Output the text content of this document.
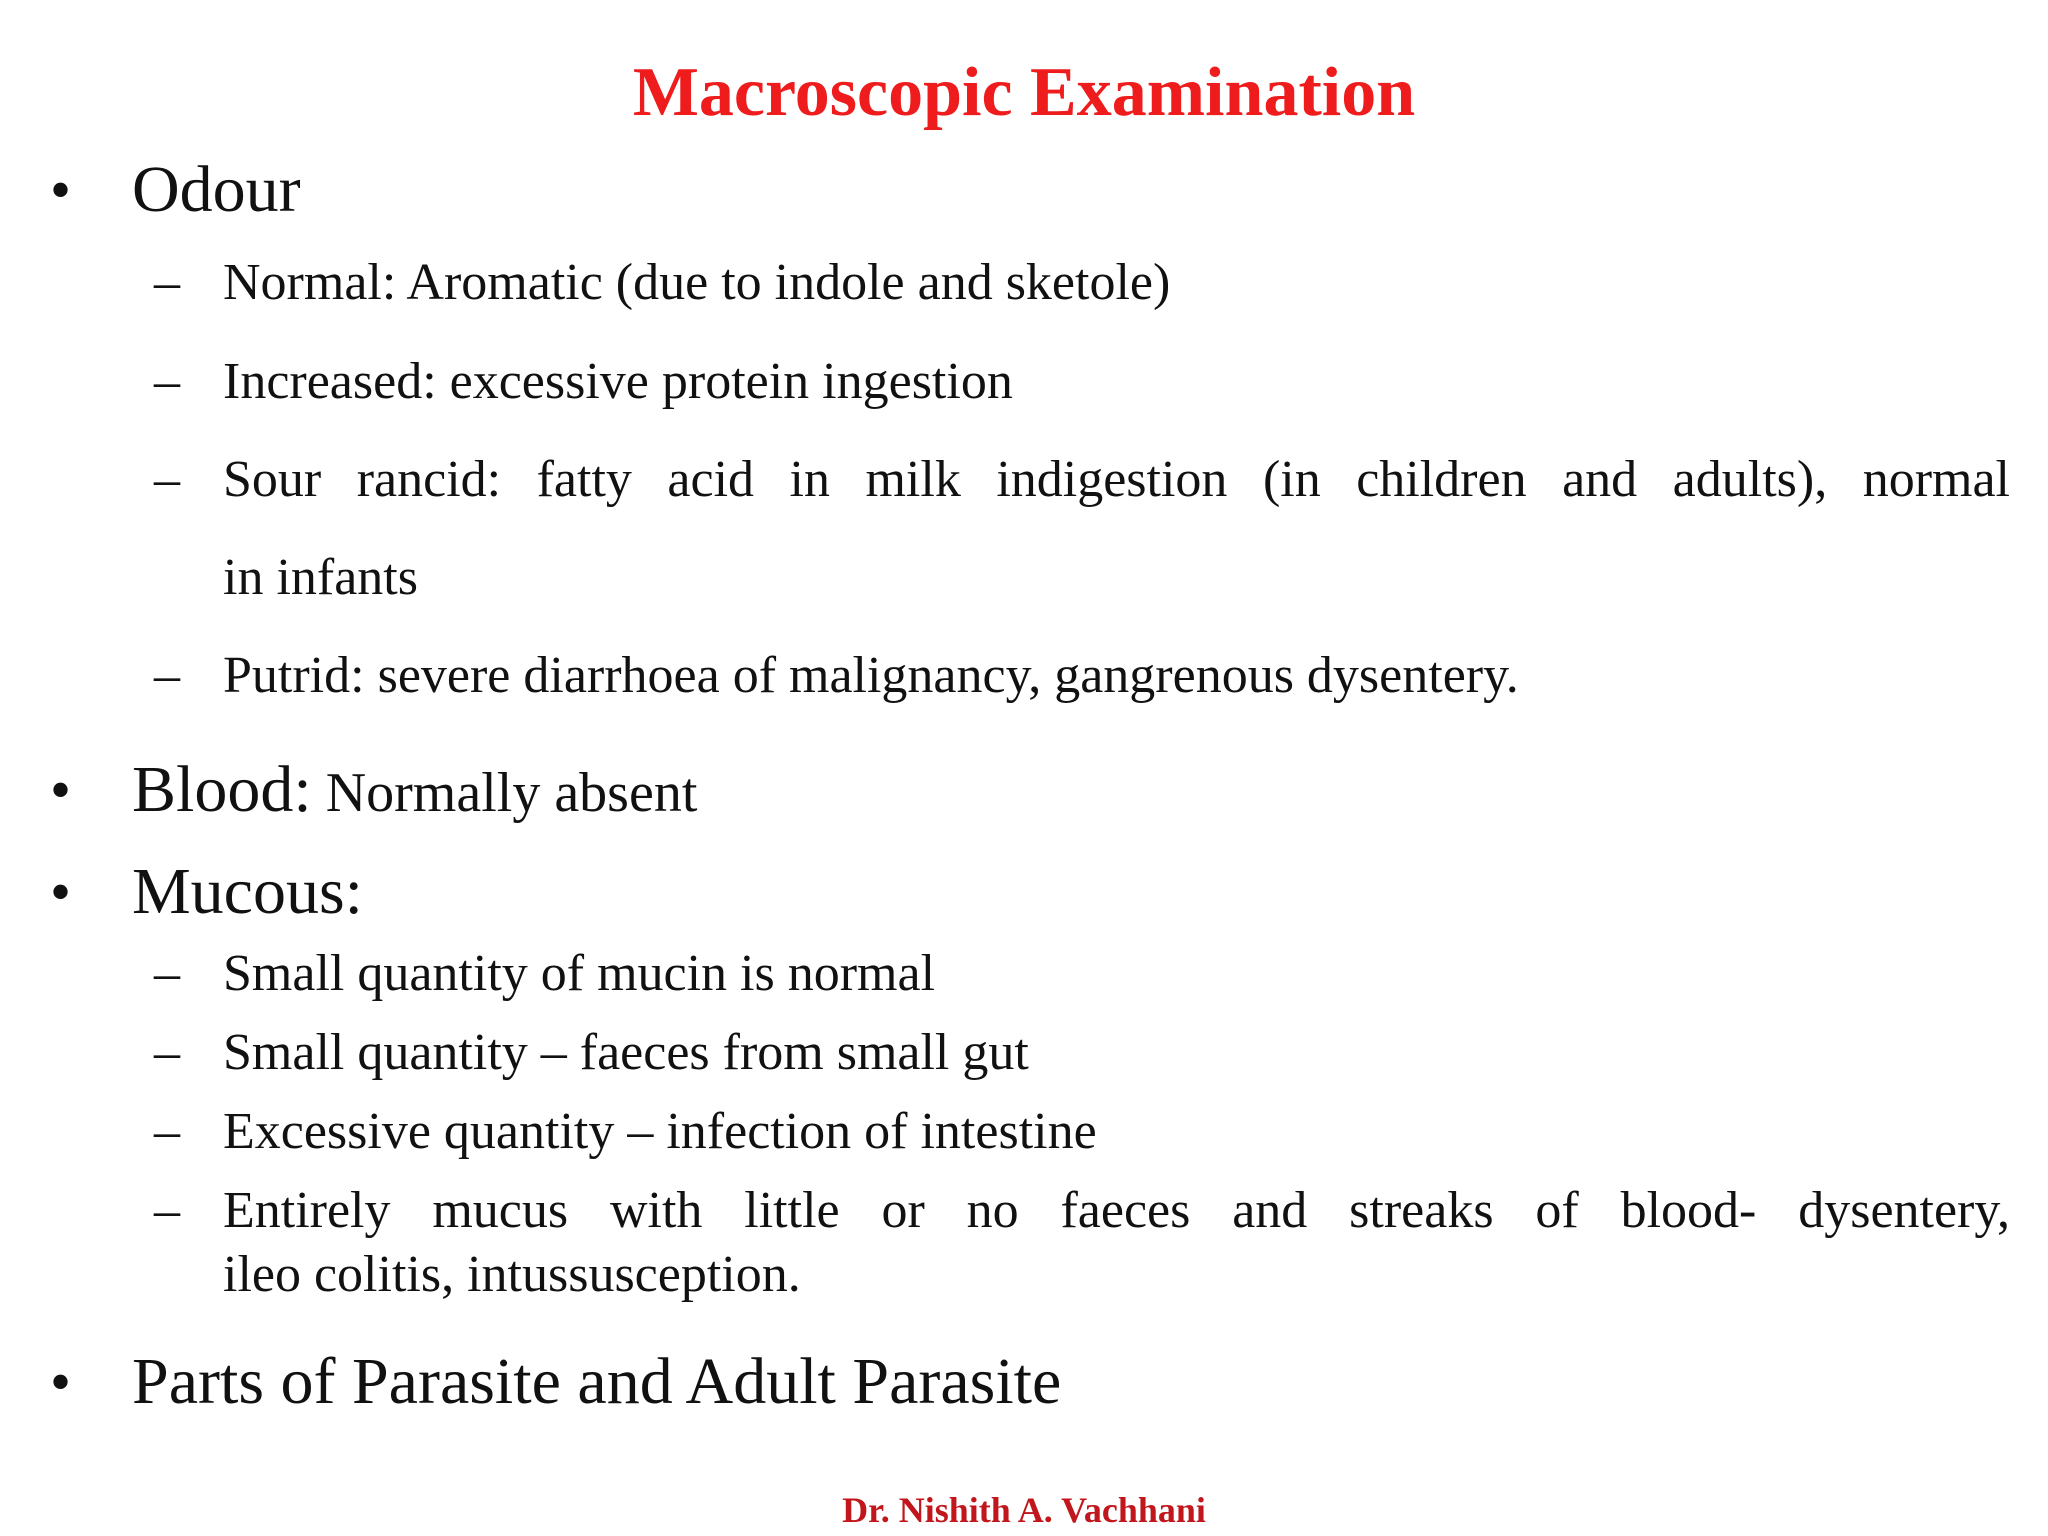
Macroscopic Examination
• Odour
– Normal: Aromatic (due to indole and sketole)
– Increased: excessive protein ingestion
– Sour rancid: fatty acid in milk indigestion (in children and adults), normal
in infants
– Putrid: severe diarrhoea of malignancy, gangrenous dysentery.
• Blood: Normally absent
• Mucous:
– Small quantity of mucin is normal
– Small quantity – faeces from small gut
– Excessive quantity – infection of intestine
– Entirely mucus with little or no faeces and streaks of blood- dysentery,
ileo colitis, intussusception.
• Parts of Parasite and Adult Parasite
Dr. Nishith A. Vachhani
